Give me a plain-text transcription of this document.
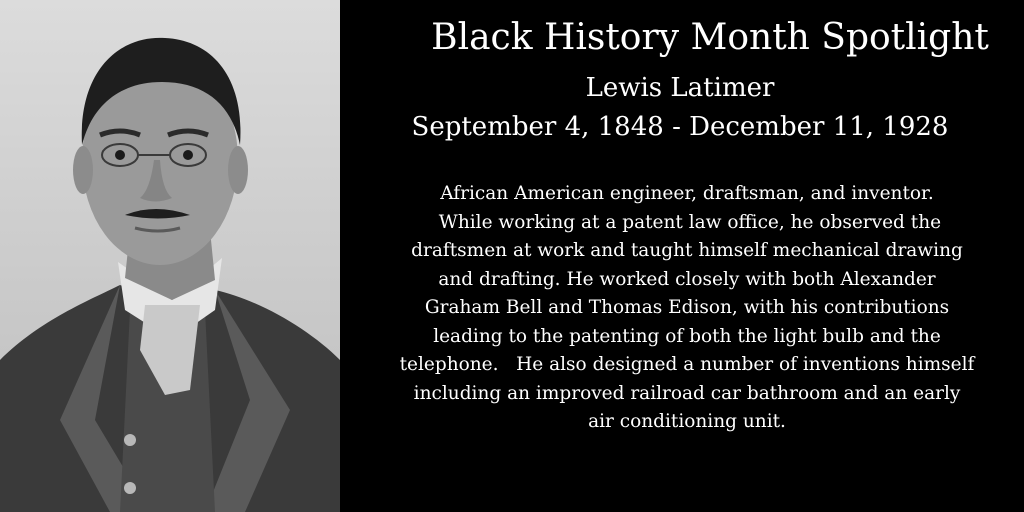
Black History Month Spotlight
Lewis Latimer
September 4, 1848 - December 11, 1928
African American engineer, draftsman, and inventor.
While working at a patent law office, he observed the
draftsmen at work and taught himself mechanical drawing
and drafting. He worked closely with both Alexander
Graham Bell and Thomas Edison, with his contributions
leading to the patenting of both the light bulb and the
telephone.   He also designed a number of inventions himself
including an improved railroad car bathroom and an early
air conditioning unit.
